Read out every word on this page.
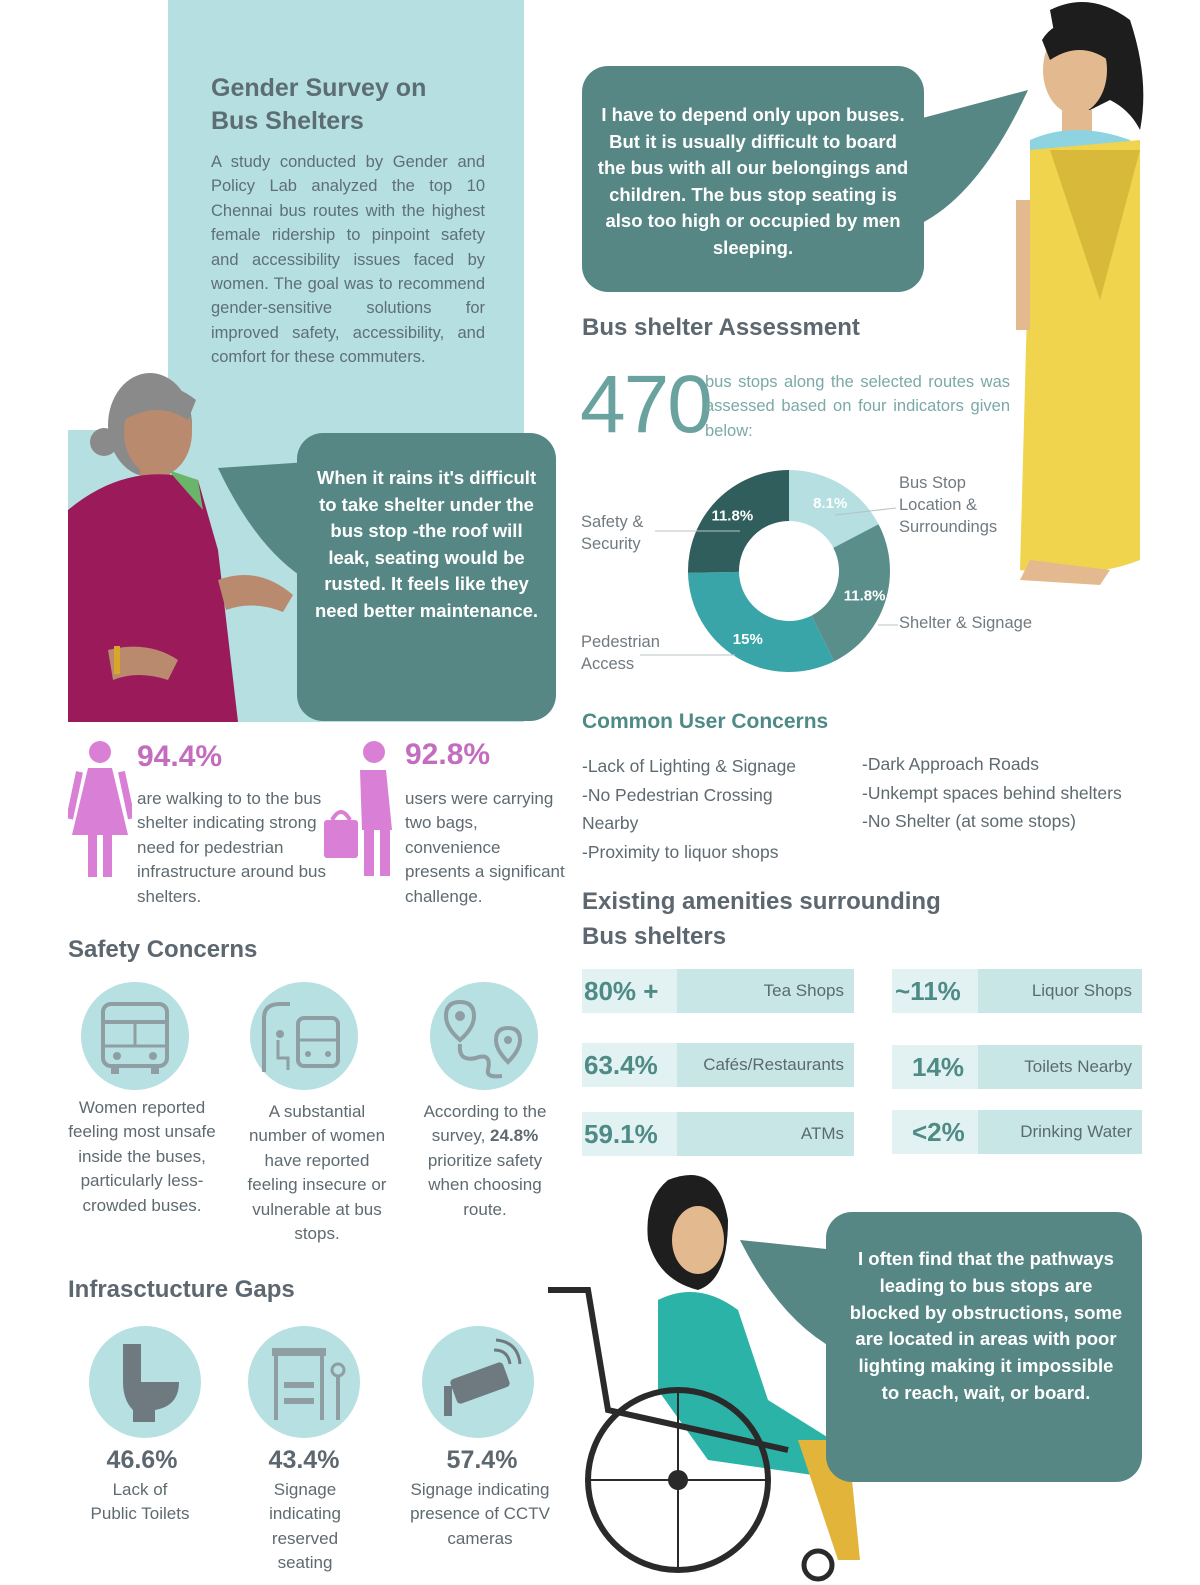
Gender Survey on
Bus Shelters
A study conducted by Gender and Policy Lab analyzed the top 10 Chennai bus routes with the highest female ridership to pinpoint safety and accessibility issues faced by women. The goal was to recommend gender-sensitive solutions for improved safety, accessibility, and comfort for these commuters.
I have to depend only upon buses. But it is usually difficult to board the bus with all our belongings and children. The bus stop seating is also too high or occupied by men sleeping.
Bus shelter Assessment
470
bus stops along the selected routes was assessed based on four indicators given below:
8.1%
11.8%
15%
11.8%
Safety &
Security
Pedestrian
Access
Bus Stop
Location &
Surroundings
Shelter & Signage
When it rains it's difficult to take shelter under the bus stop -the roof will leak, seating would be rusted. It feels like they need better maintenance.
Common User Concerns
-Lack of Lighting & Signage
-No Pedestrian Crossing Nearby
-Proximity to liquor shops
-Dark Approach Roads
-Unkempt spaces behind shelters
-No Shelter (at some stops)
94.4%
are walking to to the bus shelter indicating strong need for pedestrian infrastructure around bus shelters.
92.8%
users were carrying two bags, convenience presents a significant challenge.	Existing amenities surrounding
Bus shelters
80% +	Tea Shops
63.4%	Cafés/Restaurants
59.1%	ATMs
~11%	Liquor Shops
14%	Toilets Nearby
<2%	Drinking Water
Safety Concerns
Women reported feeling most unsafe inside the buses, particularly less-crowded buses.
A substantial number of women have reported feeling insecure or vulnerable at bus stops.
According to the survey, 24.8% prioritize safety when choosing route.
Infrasctucture Gaps
46.6%	43.4%	57.4%
Lack of Public Toilets
Signage indicating reserved seating
Signage indicating presence of CCTV cameras
I often find that the pathways leading to bus stops are blocked by obstructions, some are located in areas with poor lighting making it impossible to reach, wait, or board.
